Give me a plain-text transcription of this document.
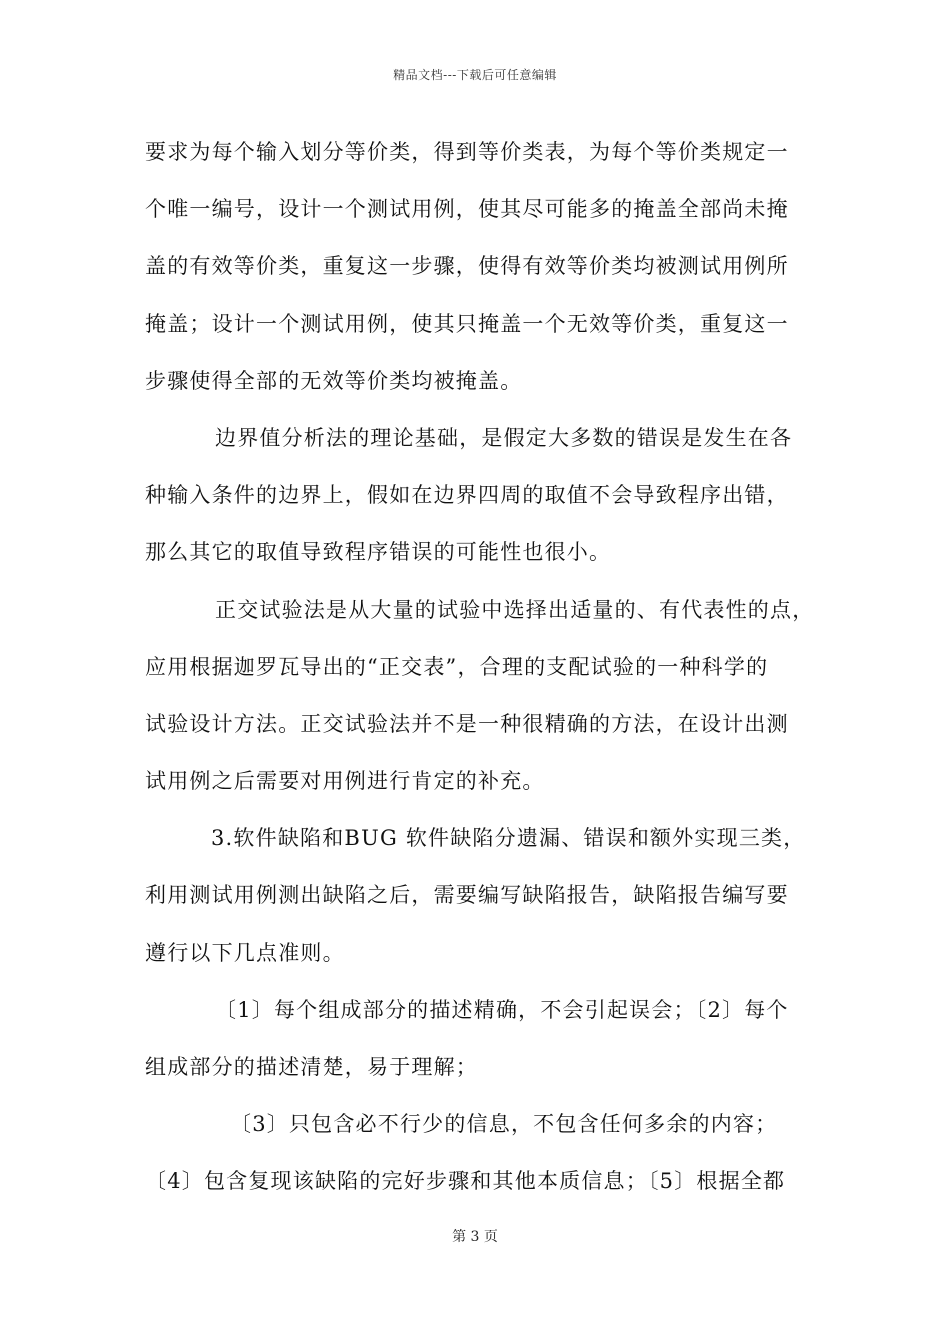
精品文档---下载后可任意编辑
要求为每个输入划分等价类，得到等价类表，为每个等价类规定一
个唯一编号，设计一个测试用例，使其尽可能多的掩盖全部尚未掩
盖的有效等价类，重复这一步骤，使得有效等价类均被测试用例所
掩盖；设计一个测试用例，使其只掩盖一个无效等价类，重复这一
步骤使得全部的无效等价类均被掩盖。
边界值分析法的理论基础，是假定大多数的错误是发生在各
种输入条件的边界上，假如在边界四周的取值不会导致程序出错，
那么其它的取值导致程序错误的可能性也很小。
正交试验法是从大量的试验中选择出适量的、有代表性的点，
应用根据迦罗瓦导出的“正交表”，合理的支配试验的一种科学的
试验设计方法。正交试验法并不是一种很精确的方法，在设计出测
试用例之后需要对用例进行肯定的补充。
3.软件缺陷和BUG 软件缺陷分遗漏、错误和额外实现三类，
利用测试用例测出缺陷之后，需要编写缺陷报告，缺陷报告编写要
遵行以下几点准则。
〔1〕每个组成部分的描述精确，不会引起误会；〔2〕每个
组成部分的描述清楚，易于理解；
〔3〕只包含必不行少的信息，不包含任何多余的内容；
〔4〕包含复现该缺陷的完好步骤和其他本质信息；〔5〕根据全都
第 3 页
